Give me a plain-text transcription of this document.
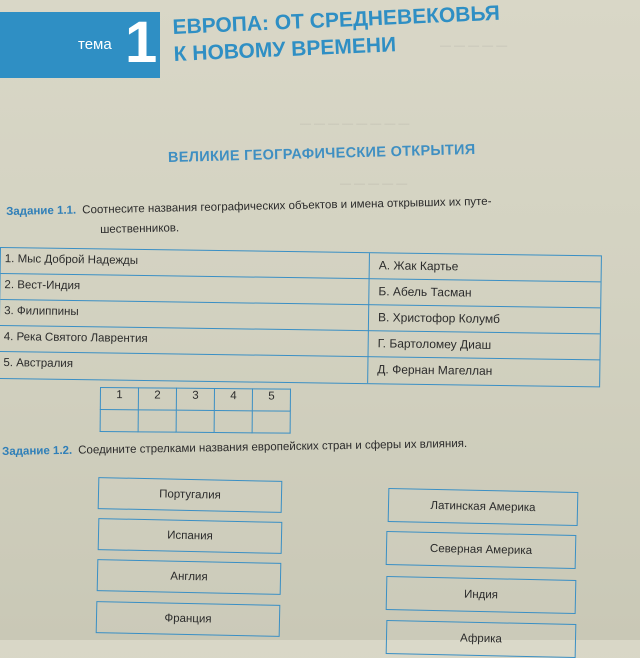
— — — — —
— — — — — — — —
— — — — —
тема 1 ЕВРОПА: ОТ СРЕДНЕВЕКОВЬЯ
К НОВОМУ ВРЕМЕНИ
ВЕЛИКИЕ ГЕОГРАФИЧЕСКИЕ ОТКРЫТИЯ
Задание 1.1. Соотнесите названия географических объектов и имена открывших их путе-
шественников.
1. Мыс Доброй Надежды	А. Жак Картье
2. Вест-Индия	Б. Абель Тасман
3. Филиппины	В. Христофор Колумб
4. Река Святого Лаврентия	Г. Бартоломеу Диаш
5. Австралия	Д. Фернан Магеллан
1	2	3	4	5

Задание 1.2. Соедините стрелками названия европейских стран и сферы их влияния.
Португалия
Испания
Англия
Франция
Латинская Америка
Северная Америка
Индия
Африка
